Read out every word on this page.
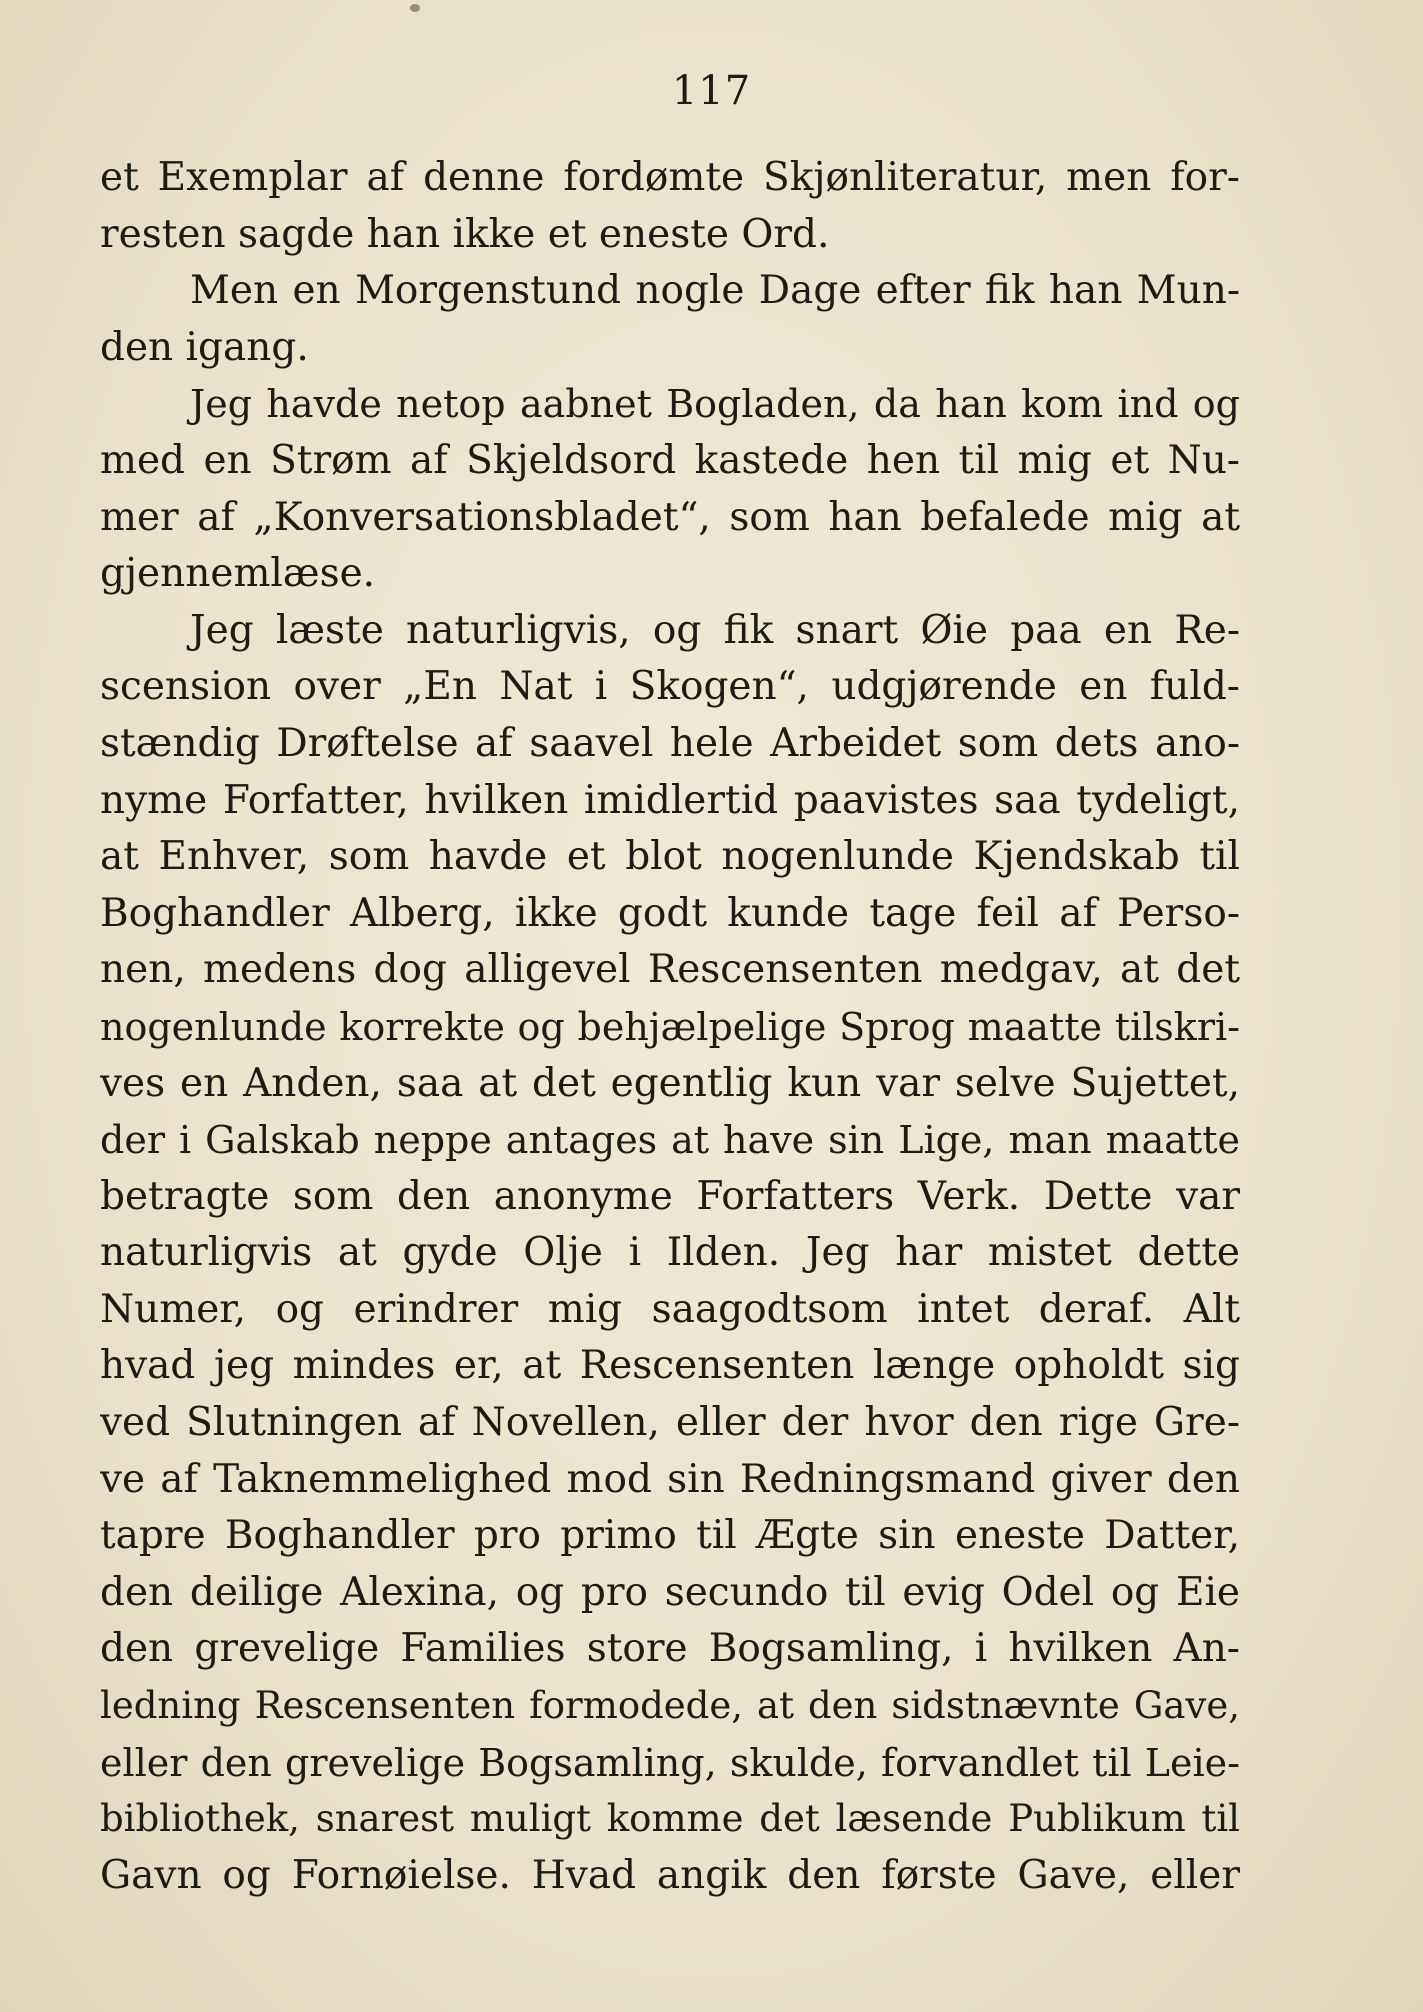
117
et Exemplar af denne fordømte Skjønliteratur, men for-
resten sagde han ikke et eneste Ord.
Men en Morgenstund nogle Dage efter fik han Mun-
den igang.
Jeg havde netop aabnet Bogladen, da han kom ind og
med en Strøm af Skjeldsord kastede hen til mig et Nu-
mer af „Konversationsbladet“, som han befalede mig at
gjennemlæse.
Jeg læste naturligvis, og fik snart Øie paa en Re-
scension over „En Nat i Skogen“, udgjørende en fuld-
stændig Drøftelse af saavel hele Arbeidet som dets ano-
nyme Forfatter, hvilken imidlertid paavistes saa tydeligt,
at Enhver, som havde et blot nogenlunde Kjendskab til
Boghandler Alberg, ikke godt kunde tage feil af Perso-
nen, medens dog alligevel Rescensenten medgav, at det
nogenlunde korrekte og behjælpelige Sprog maatte tilskri-
ves en Anden, saa at det egentlig kun var selve Sujettet,
der i Galskab neppe antages at have sin Lige, man maatte
betragte som den anonyme Forfatters Verk. Dette var
naturligvis at gyde Olje i Ilden. Jeg har mistet dette
Numer, og erindrer mig saagodtsom intet deraf. Alt
hvad jeg mindes er, at Rescensenten længe opholdt sig
ved Slutningen af Novellen, eller der hvor den rige Gre-
ve af Taknemmelighed mod sin Redningsmand giver den
tapre Boghandler pro primo til Ægte sin eneste Datter,
den deilige Alexina, og pro secundo til evig Odel og Eie
den grevelige Families store Bogsamling, i hvilken An-
ledning Rescensenten formodede, at den sidstnævnte Gave,
eller den grevelige Bogsamling, skulde, forvandlet til Leie-
bibliothek, snarest muligt komme det læsende Publikum til
Gavn og Fornøielse. Hvad angik den første Gave, eller
